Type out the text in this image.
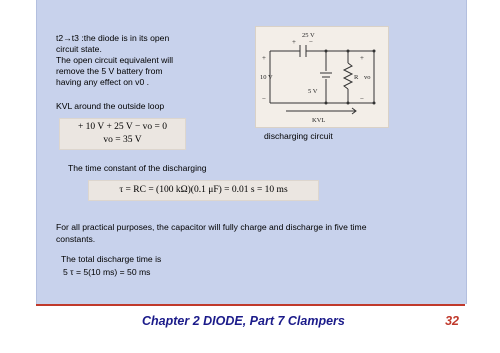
t2→t3 :the diode is in its open
circuit state.
The open circuit equivalent will
remove the 5 V battery from
having any effect on v0 .
KVL around the outside loop
+ 10 V + 25 V − vo = 0
vo = 35 V
+
−
+ −
+
−
25 V
10 V
5 V
R vo
KVL
discharging circuit
The time constant of the discharging
τ = RC = (100 kΩ)(0.1 μF) = 0.01 s = 10 ms
For all practical purposes, the capacitor will fully charge and discharge in five time
constants.
The total discharge time is
5 τ = 5(10 ms) = 50 ms
Chapter 2 DIODE, Part 7 Clampers	32
